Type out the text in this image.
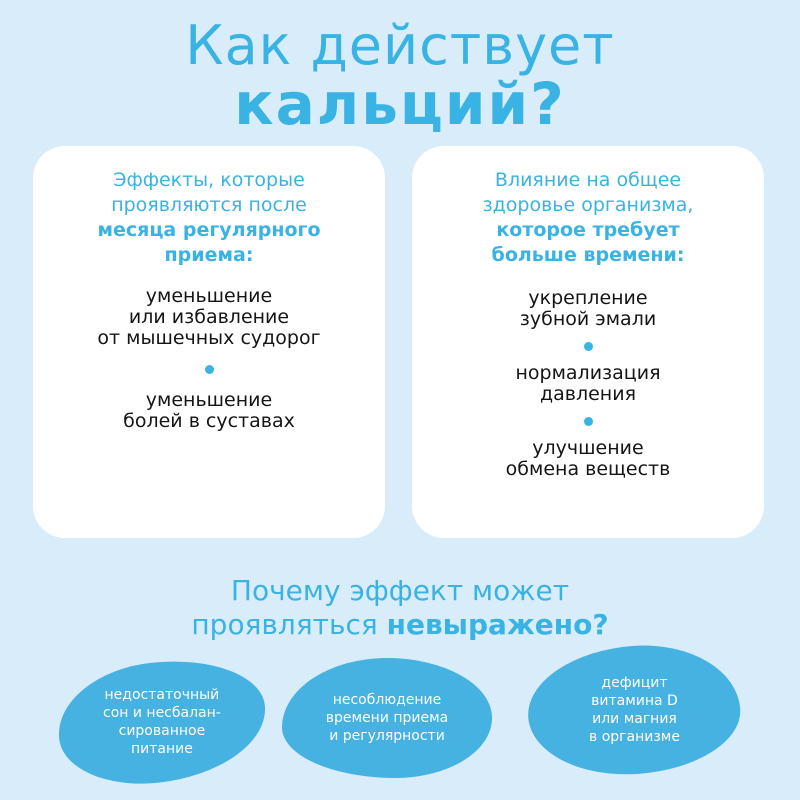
Как действует
кальций?
Эффекты, которые
проявляются после
месяца регулярного
приема:
уменьшение
или избавление
от мышечных судорог
уменьшение
болей в суставах
Влияние на общее
здоровье организма,
которое требует
больше времени:
укрепление
зубной эмали
нормализация
давления
улучшение
обмена веществ

Почему эффект может

проявляться невыражено?

недостаточный
сон и несбалан-
сированное
питание
несоблюдение
времени приема
и регулярности
дефицит
витамина D
или магния
в организме
